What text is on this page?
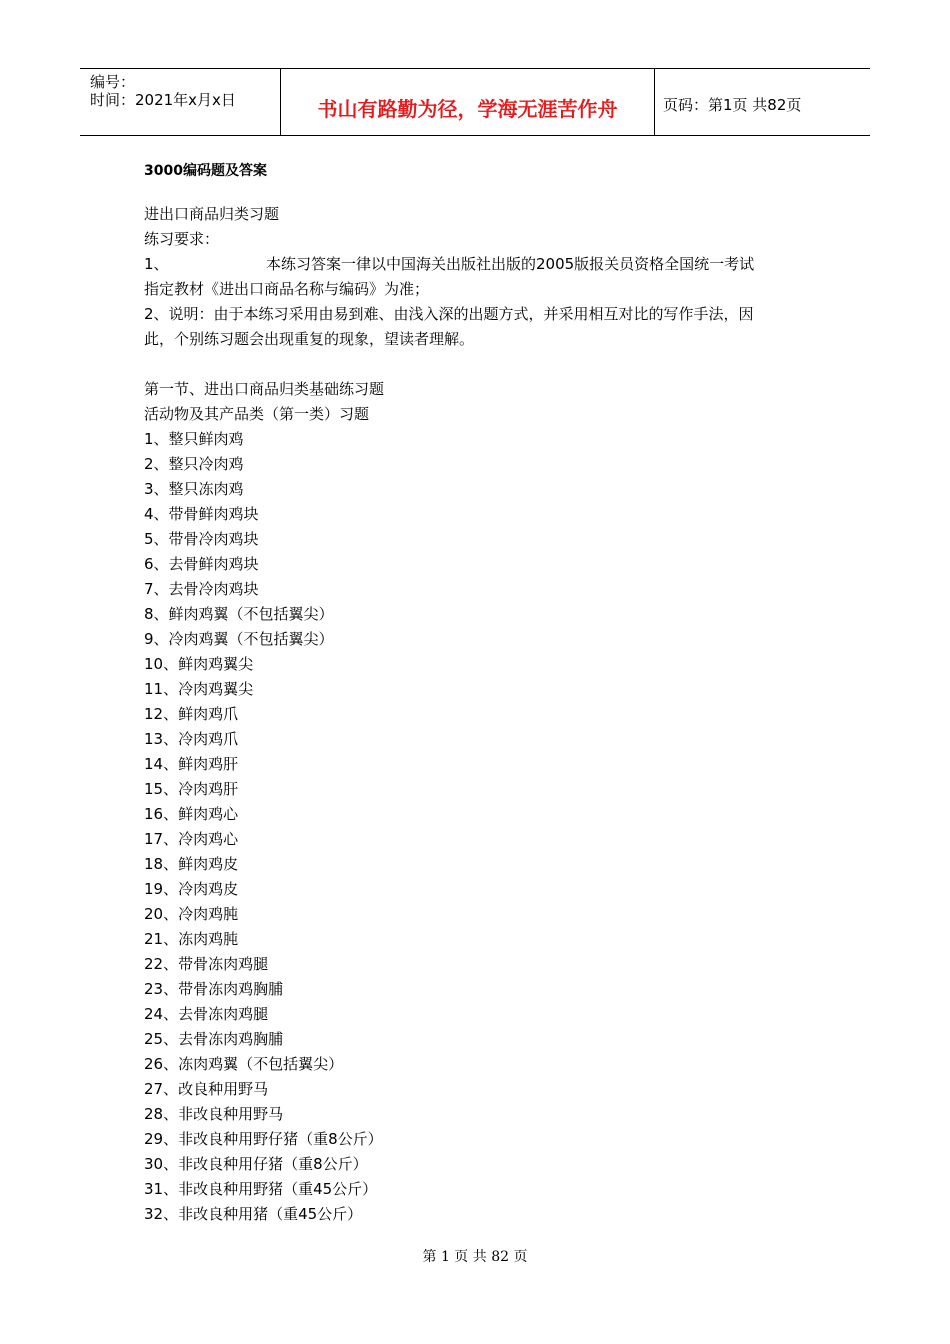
编号：
时间：2021年x月x日	书山有路勤为径，学海无涯苦作舟	页码：第1页 共82页
3000编码题及答案
进出口商品归类习题
练习要求：
1、	本练习答案一律以中国海关出版社出版的2005版报关员资格全国统一考试
指定教材《进出口商品名称与编码》为准；
2、说明：由于本练习采用由易到难、由浅入深的出题方式，并采用相互对比的写作手法，因
此，个别练习题会出现重复的现象，望读者理解。
第一节、进出口商品归类基础练习题
活动物及其产品类（第一类）习题
1、整只鲜肉鸡
2、整只冷肉鸡
3、整只冻肉鸡
4、带骨鲜肉鸡块
5、带骨冷肉鸡块
6、去骨鲜肉鸡块
7、去骨冷肉鸡块
8、鲜肉鸡翼（不包括翼尖）
9、冷肉鸡翼（不包括翼尖）
10、鲜肉鸡翼尖
11、冷肉鸡翼尖
12、鲜肉鸡爪
13、冷肉鸡爪
14、鲜肉鸡肝
15、冷肉鸡肝
16、鲜肉鸡心
17、冷肉鸡心
18、鲜肉鸡皮
19、冷肉鸡皮
20、冷肉鸡肫
21、冻肉鸡肫
22、带骨冻肉鸡腿
23、带骨冻肉鸡胸脯
24、去骨冻肉鸡腿
25、去骨冻肉鸡胸脯
26、冻肉鸡翼（不包括翼尖）
27、改良种用野马
28、非改良种用野马
29、非改良种用野仔猪（重8公斤）
30、非改良种用仔猪（重8公斤）
31、非改良种用野猪（重45公斤）
32、非改良种用猪（重45公斤）
第 1 页 共 82 页
